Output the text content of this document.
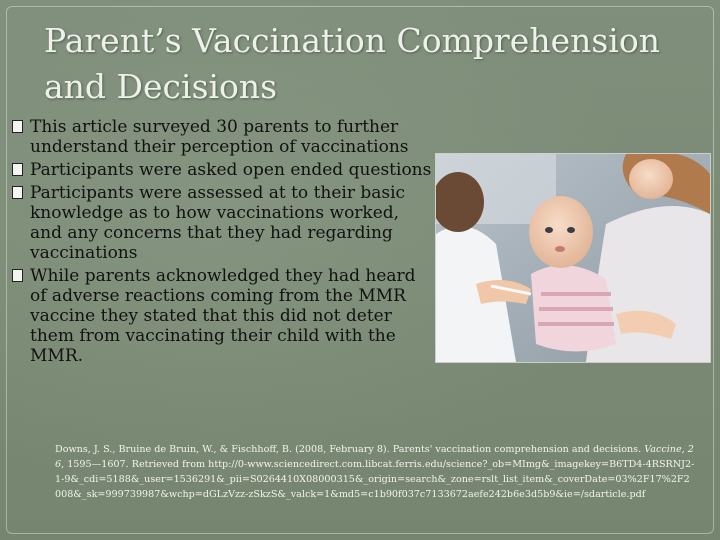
Parent’s Vaccination Comprehension and Decisions
This article surveyed 30 parents to further understand their perception of vaccinations
Participants were asked open ended questions
Participants were assessed at to their basic knowledge as to how vaccinations worked, and any concerns that they had regarding vaccinations
While parents acknowledged they had heard of adverse reactions coming from the MMR vaccine they stated that this did not deter them from vaccinating their child with the MMR.
Downs, J. S., Bruine de Bruin, W., & Fischhoff, B. (2008, February 8). Parents' vaccination comprehension and decisions. Vaccine, 26, 1595—1607. Retrieved from http://0-www.sciencedirect.com.libcat.ferris.edu/science?_ob=MImg&_imagekey=B6TD4-4RSRNJ2-1-9&_cdi=5188&_user=1536291&_pii=S0264410X08000315&_origin=search&_zone=rslt_list_item&_coverDate=03%2F17%2F2008&_sk=999739987&wchp=dGLzVzz-zSkzS&_valck=1&md5=c1b90f037c7133672aefe242b6e3d5b9&ie=/sdarticle.pdf
